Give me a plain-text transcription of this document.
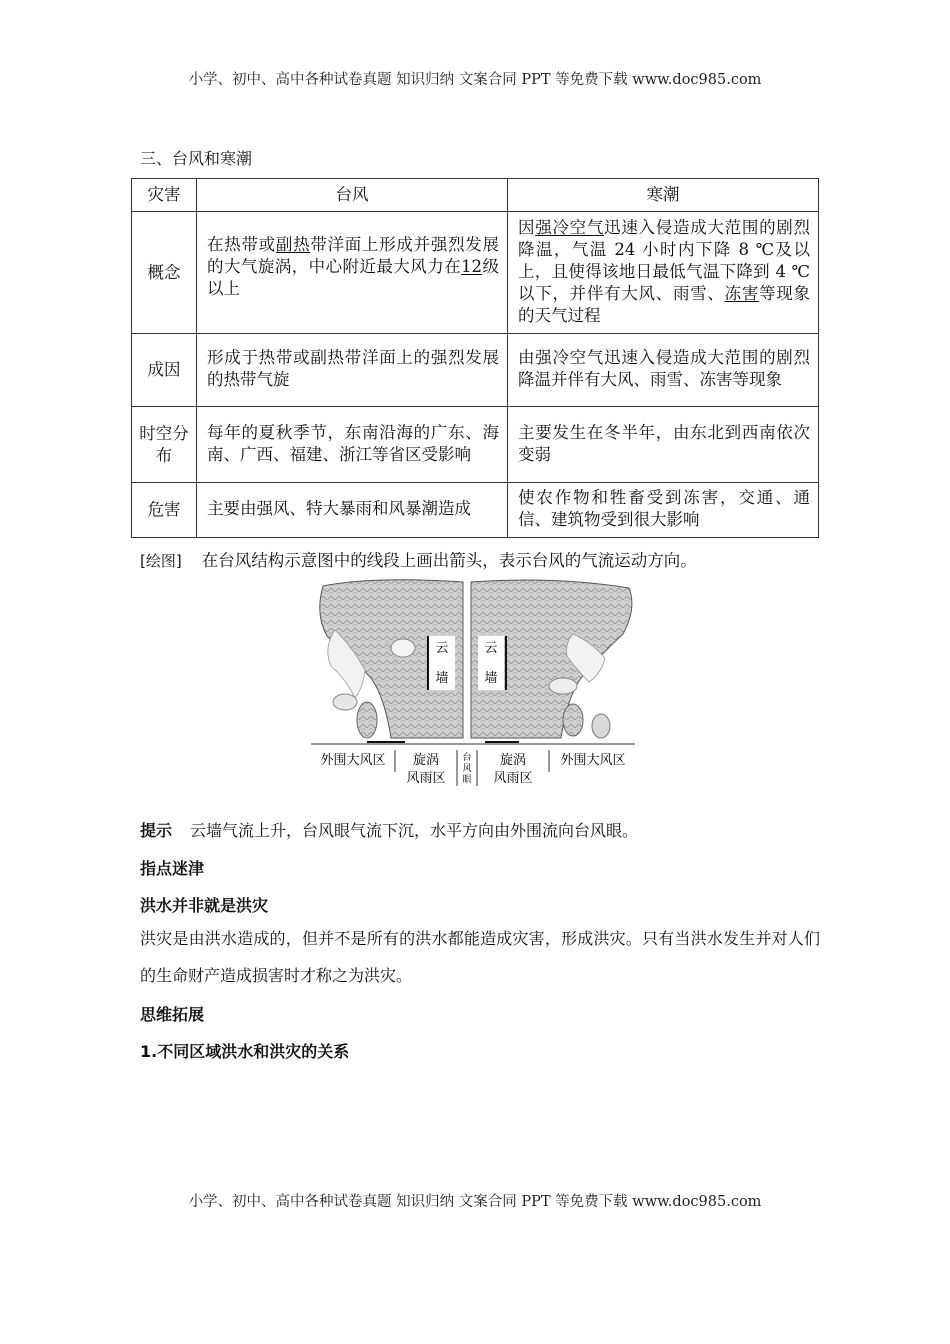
小学、初中、高中各种试卷真题 知识归纳 文案合同 PPT 等免费下载 www.doc985.com
三、台风和寒潮
灾害	台风	寒潮
概念	在热带或副热带洋面上形成并强烈发展的大气旋涡，中心附近最大风力在12级以上	因强冷空气迅速入侵造成大范围的剧烈降温，气温 24 小时内下降 8 ℃及以上，且使得该地日最低气温下降到 4 ℃以下，并伴有大风、雨雪、冻害等现象的天气过程
成因	形成于热带或副热带洋面上的强烈发展的热带气旋	由强冷空气迅速入侵造成大范围的剧烈降温并伴有大风、雨雪、冻害等现象
时空分布	每年的夏秋季节，东南沿海的广东、海南、广西、福建、浙江等省区受影响	主要发生在冬半年，由东北到西南依次变弱
危害	主要由强风、特大暴雨和风暴潮造成	使农作物和牲畜受到冻害，交通、通信、建筑物受到很大影响
[绘图] 在台风结构示意图中的线段上画出箭头，表示台风的气流运动方向。
云
墙
云
墙
外围大风区 旋涡
风雨区
台
风
眼
旋涡
风雨区
外围大风区
提示 云墙气流上升，台风眼气流下沉，水平方向由外围流向台风眼。
指点迷津
洪水并非就是洪灾
洪灾是由洪水造成的，但并不是所有的洪水都能造成灾害，形成洪灾。只有当洪水发生并对人们的生命财产造成损害时才称之为洪灾。
思维拓展
1.不同区域洪水和洪灾的关系
小学、初中、高中各种试卷真题 知识归纳 文案合同 PPT 等免费下载 www.doc985.com
